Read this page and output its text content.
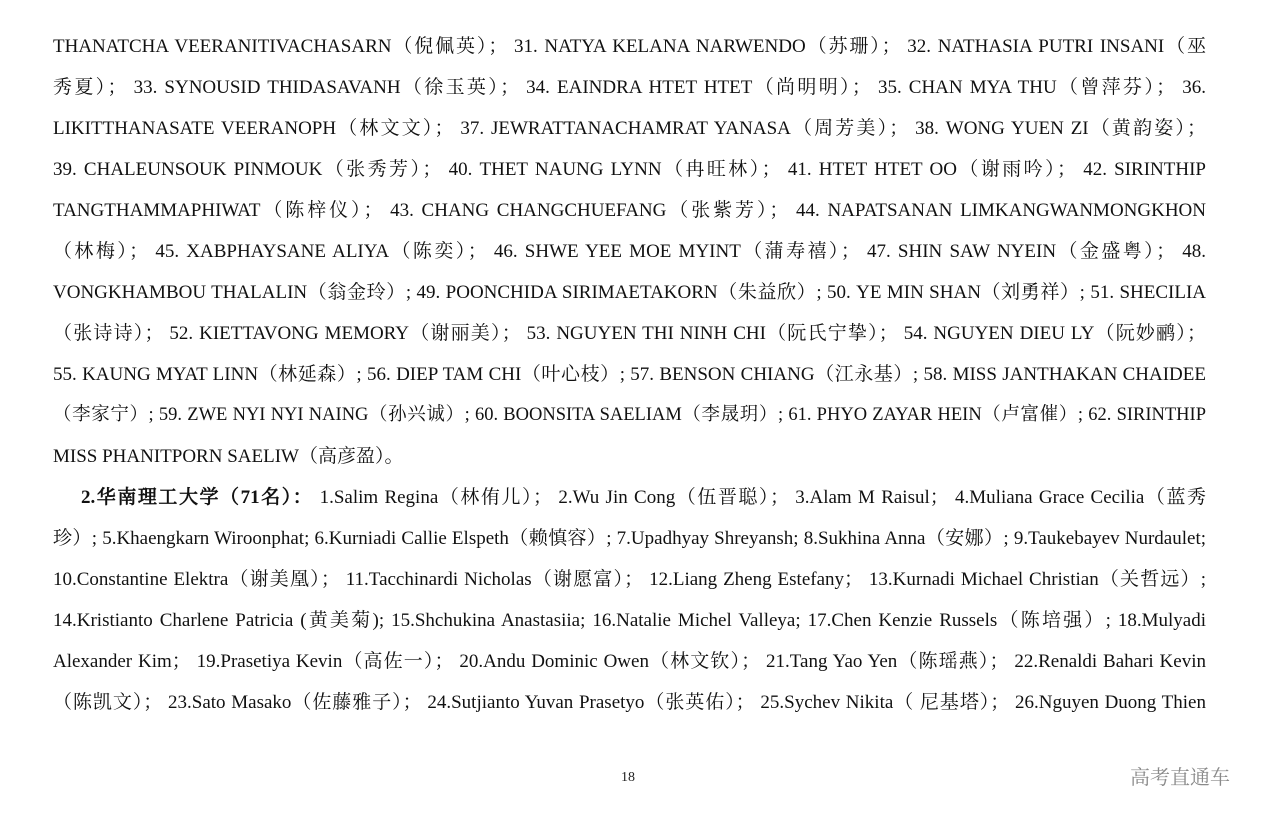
THANATCHA VEERANITIVACHASARN（倪佩英）； 31. NATYA KELANA NARWENDO（苏珊）； 32. NATHASIA PUTRI INSANI（巫
秀夏）； 33. SYNOUSID THIDASAVANH（徐玉英）； 34. EAINDRA HTET HTET（尚明明）； 35. CHAN MYA THU（曾萍芬）； 36.
LIKITTHANASATE VEERANOPH（林文文）； 37. JEWRATTANACHAMRAT YANASA（周芳美）； 38. WONG YUEN ZI（黄韵姿）；
39. CHALEUNSOUK PINMOUK（张秀芳）； 40. THET NAUNG LYNN（冉旺林）； 41. HTET HTET OO（谢雨吟）； 42. SIRINTHIP
TANGTHAMMAPHIWAT（陈梓仪）； 43. CHANG CHANGCHUEFANG（张紫芳）； 44. NAPATSANAN LIMKANGWANMONGKHON
（林梅）； 45. XABPHAYSANE ALIYA（陈奕）； 46. SHWE YEE MOE MYINT（蒲寿禧）； 47. SHIN SAW NYEIN（金盛粤）； 48.
VONGKHAMBOU THALALIN（翁金玲）; 49. POONCHIDA SIRIMAETAKORN（朱益欣）; 50. YE MIN SHAN（刘勇祥）; 51. SHECILIA
（张诗诗）； 52. KIETTAVONG MEMORY（谢丽美）； 53. NGUYEN THI NINH CHI（阮氏宁挚）； 54. NGUYEN DIEU LY（阮妙鹂）；
55. KAUNG MYAT LINN（林延森）; 56. DIEP TAM CHI（叶心枝）; 57. BENSON CHIANG（江永基）; 58. MISS JANTHAKAN CHAIDEE
（李家宁）; 59. ZWE NYI NYI NAING（孙兴诚）; 60. BOONSITA SAELIAM（李晟玥）; 61. PHYO ZAYAR HEIN（卢富催）; 62. SIRINTHIP
MISS PHANITPORN SAELIW（高彦盈）。
2.华南理工大学（71名）： 1.Salim Regina（林侑儿）； 2.Wu Jin Cong（伍晋聪）； 3.Alam M Raisul； 4.Muliana Grace Cecilia（蓝秀
珍）; 5.Khaengkarn Wiroonphat; 6.Kurniadi Callie Elspeth（赖慎容）; 7.Upadhyay Shreyansh; 8.Sukhina Anna（安娜）; 9.Taukebayev Nurdaulet;
10.Constantine Elektra（谢美凰）； 11.Tacchinardi Nicholas（谢愿富）； 12.Liang Zheng Estefany； 13.Kurnadi Michael Christian（关哲远）;
14.Kristianto Charlene Patricia (黄美菊); 15.Shchukina Anastasiia; 16.Natalie Michel Valleya; 17.Chen Kenzie Russels（陈培强）; 18.Mulyadi
Alexander Kim； 19.Prasetiya Kevin（高佐一）； 20.Andu Dominic Owen（林文钦）； 21.Tang Yao Yen（陈瑶燕）； 22.Renaldi Bahari Kevin
（陈凯文）； 23.Sato Masako（佐藤雅子）； 24.Sutjianto Yuvan Prasetyo（张英佑）； 25.Sychev Nikita（ 尼基塔）； 26.Nguyen Duong Thien
18	高考直通车
